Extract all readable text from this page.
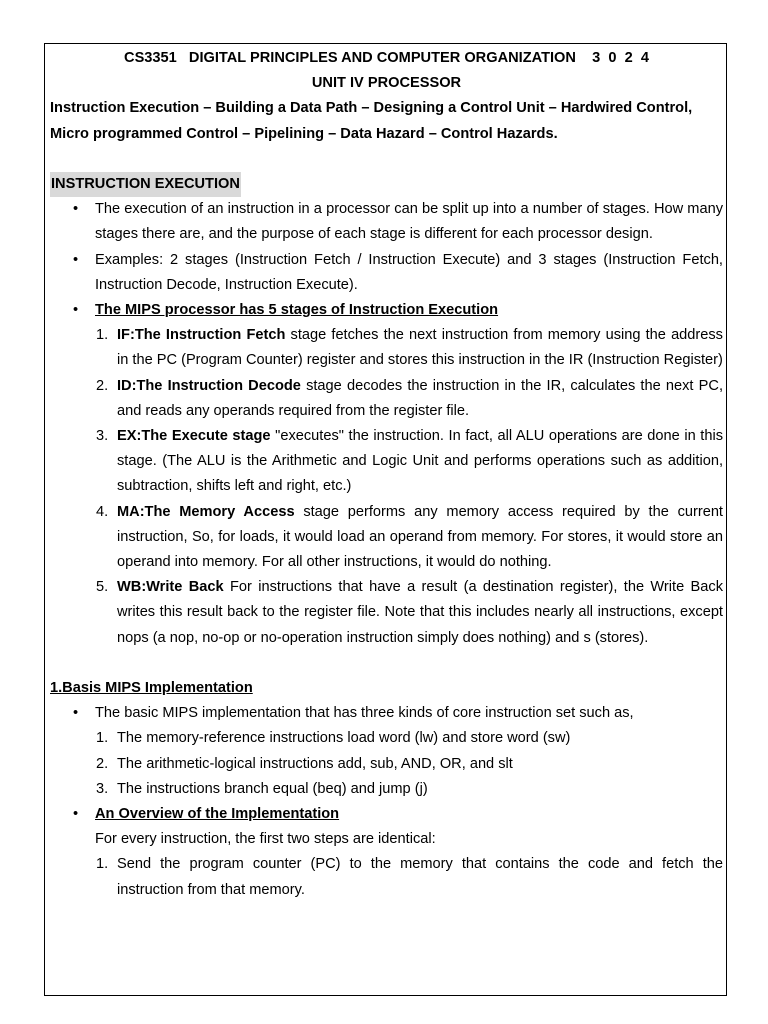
CS3351   DIGITAL PRINCIPLES AND COMPUTER ORGANIZATION    3  0  2  4
UNIT IV PROCESSOR
Instruction Execution – Building a Data Path – Designing a Control Unit – Hardwired Control, Micro programmed Control – Pipelining – Data Hazard – Control Hazards.
INSTRUCTION EXECUTION
• The execution of an instruction in a processor can be split up into a number of stages. How many stages there are, and the purpose of each stage is different for each processor design.
• Examples: 2 stages (Instruction Fetch / Instruction Execute) and 3 stages (Instruction Fetch, Instruction Decode, Instruction Execute).
• The MIPS processor has 5 stages of Instruction Execution
1. IF:The Instruction Fetch stage fetches the next instruction from memory using the address in the PC (Program Counter) register and stores this instruction in the IR (Instruction Register)
2. ID:The Instruction Decode stage decodes the instruction in the IR, calculates the next PC, and reads any operands required from the register file.
3. EX:The Execute stage "executes" the instruction. In fact, all ALU operations are done in this stage. (The ALU is the Arithmetic and Logic Unit and performs operations such as addition, subtraction, shifts left and right, etc.)
4. MA:The Memory Access stage performs any memory access required by the current instruction, So, for loads, it would load an operand from memory. For stores, it would store an operand into memory. For all other instructions, it would do nothing.
5. WB:Write Back For instructions that have a result (a destination register), the Write Back writes this result back to the register file. Note that this includes nearly all instructions, except nops (a nop, no-op or no-operation instruction simply does nothing) and s (stores).
1.Basis MIPS Implementation
• The basic MIPS implementation that has three kinds of core instruction set such as,
1. The memory-reference instructions load word (lw) and store word (sw)
2. The arithmetic-logical instructions add, sub, AND, OR, and slt
3. The instructions branch equal (beq) and jump (j)
• An Overview of the Implementation
For every instruction, the first two steps are identical:
1. Send the program counter (PC) to the memory that contains the code and fetch the instruction from that memory.
